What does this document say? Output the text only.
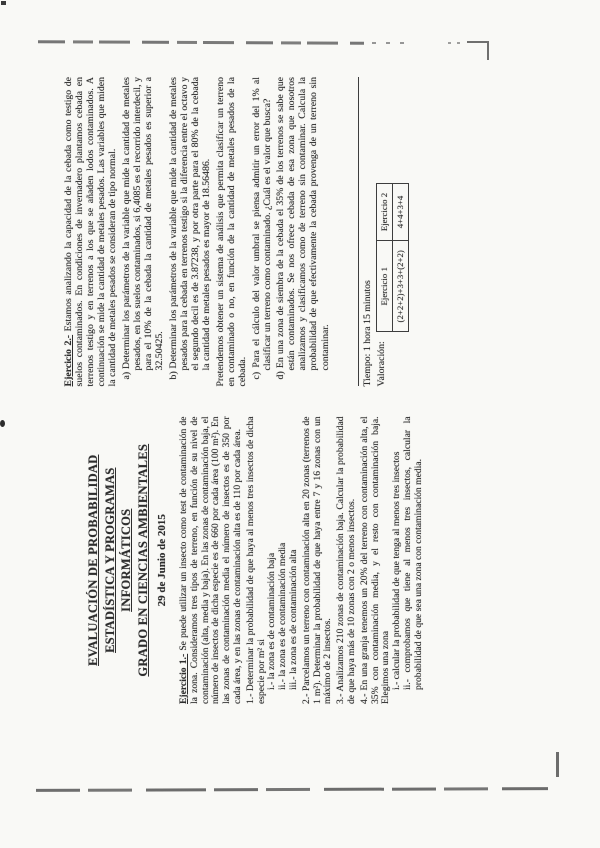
EVALUACIÓN DE PROBABILIDAD ESTADÍSTICA Y PROGRAMAS INFORMÁTICOS GRADO EN CIENCIAS AMBIENTALES 29 de Junio de 2015

Ejercicio 1.- Se puede utilizar un insecto como test de contaminación de la zona. Consideramos tres tipos de terreno, en función de su nivel de contaminación (alta, media y baja). En las zonas de contaminación baja, el número de insectos de dicha especie es de 660 por cada área (100 m²). En las zonas de contaminación media el número de insectos es de 350 por cada área, y en las zonas de contaminación alta es de 110 por cada área. 1.- Determinar la probabilidad de que haya al menos tres insectos de dicha especie por m² si i.- la zona es de contaminación baja ii.- la zona es de contaminación media iii.- la zona es de contaminación alta 2.- Parcelamos un terreno con contaminación alta en 20 zonas (terrenos de 1 m²). Determinar la probabilidad de que haya entre 7 y 16 zonas con un máximo de 2 insectos. 3.- Analizamos 210 zonas de contaminación baja. Calcular la probabilidad de que haya más de 10 zonas con 2 o menos insectos. 4.- En una granja tenemos un 20% del terreno con contaminación alta, el 35% con contaminación media, y el resto con contaminación baja. Elegimos una zona i.- calcular la probabilidad de que tenga al menos tres insectos ii.- comprobamos que tiene al menos tres insectos, calcular la probabilidad de que sea una zona con contaminación media.

Ejercicio 2.- Estamos analizando la capacidad de la cebada como testigo de suelos contaminados. En condiciones de invernadero plantamos cebada en terrenos testigo y en terrenos a los que se añaden lodos contaminados. A continuación se mide la cantidad de metales pesados. Las variables que miden la cantidad de metales pesados se consideran de tipo normal. a) Determinar los parámetros de la variable que mide la cantidad de metales pesados, en los suelos contaminados, si 6,4085 es el recorrido interdecil, y para el 10% de la cebada la cantidad de metales pesados es superior a 32.50425. b) Determinar los parámetros de la variable que mide la cantidad de metales pesados para la cebada en terrenos testigo si la diferencia entre el octavo y el segundo decil es de 3.87238, y por otra parte para el 80% de la cebada la cantidad de metales pesados es mayor de 18.56486. Pretendemos obtener un sistema de análisis que permita clasificar un terreno en contaminado o no, en función de la cantidad de metales pesados de la cebada. c) Para el cálculo del valor umbral se piensa admitir un error del 1% al clasificar un terreno como contaminado. ¿Cuál es el valor que busca? d) En una zona de siembra de la cebada el 35% de los terrenos se sabe que están contaminados. Se nos ofrece cebada de esa zona que nosotros analizamos y clasificamos como de terreno sin contaminar. Calcula la probabilidad de que efectivamente la cebada provenga de un terreno sin contaminar.	Tiempo: 1 hora 15 minutos Valoración:
Ejercicio 1	Ejercicio 2
(2+2+2)+3+3+(2+2)	4+4+3+4
